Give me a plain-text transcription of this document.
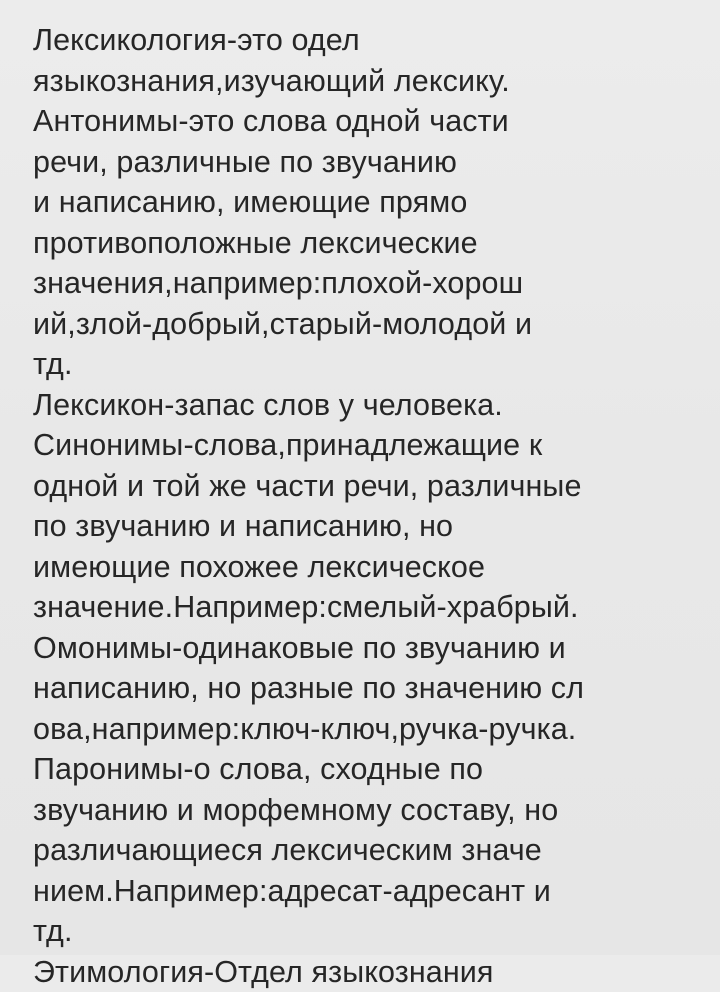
Лексикология-это одел
языкознания,изучающий лексику.
Антонимы-это слова одной части
речи, различные по звучанию
и написанию, имеющие прямо
противоположные лексические
значения,например:плохой-хорош
ий,злой-добрый,старый-молодой и
тд.
Лексикон-запас слов у человека.
Синонимы-слова,принадлежащие к
одной и той же части речи, различные
по звучанию и написанию, но
имеющие похожее лексическое
значение.Например:смелый-храбрый.
Омонимы-одинаковые по звучанию и
написанию, но разные по значению сл
ова,например:ключ-ключ,ручка-ручка.
Паронимы-о слова, сходные по
звучанию и морфемному составу, но
различающиеся лексическим значе
нием.Например:адресат-адресант и
тд.
Этимология-Отдел языкознания
